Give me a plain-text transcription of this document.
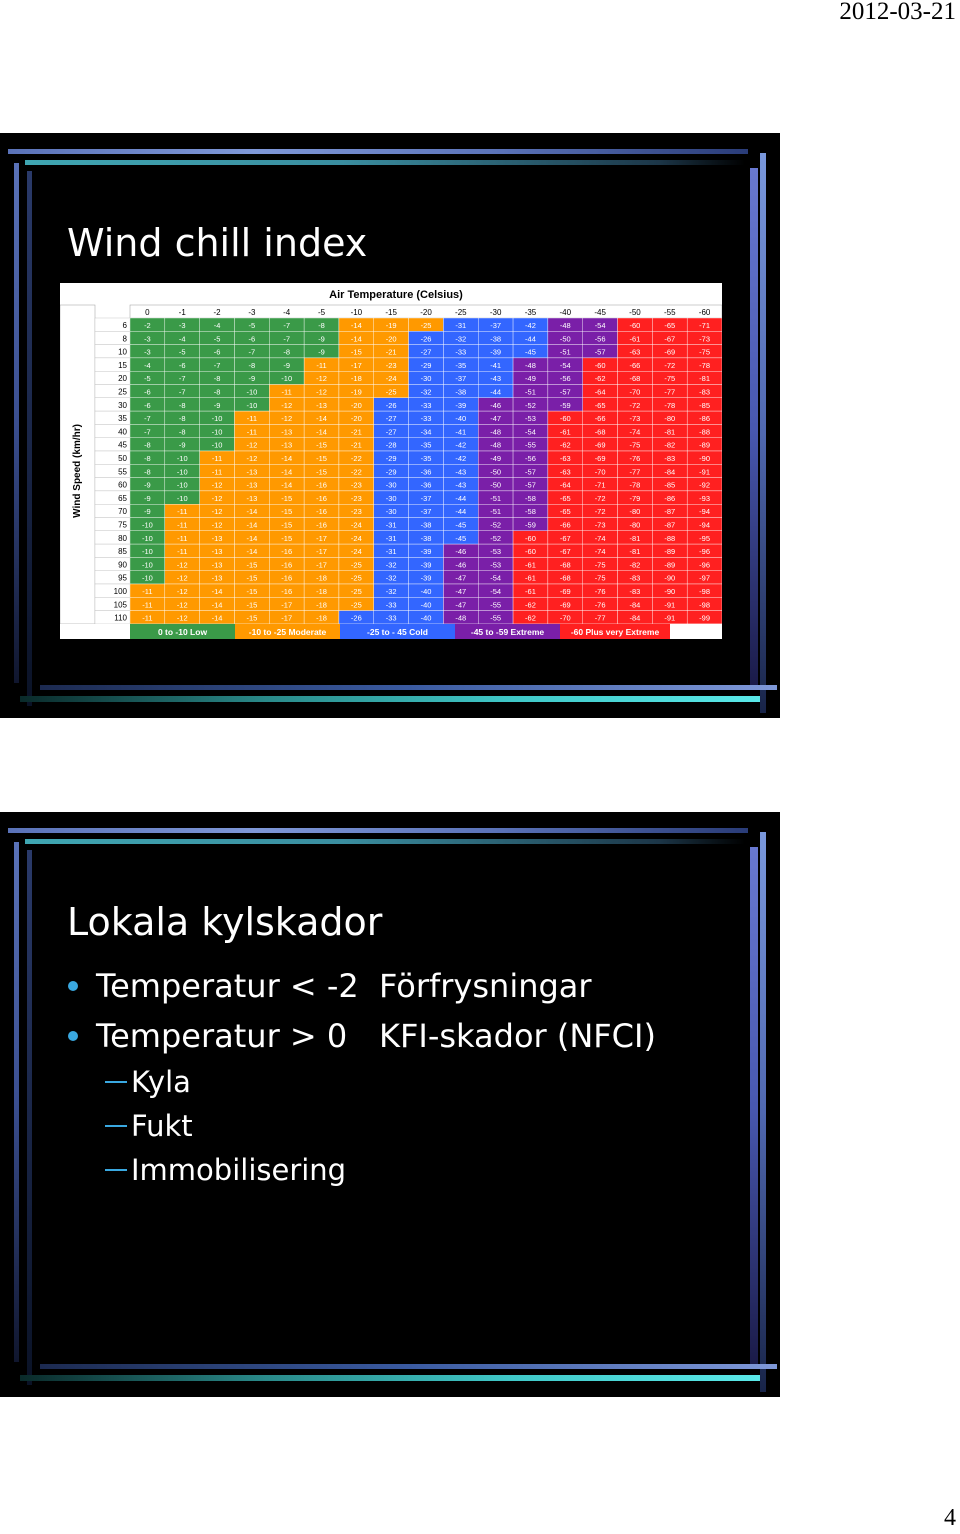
2012-03-21
Wind chill index
Air Temperature (Celsius)
Wind Speed (km/hr)
0	-1	-2	-3	-4	-5	-10	-15	-20	-25	-30	-35	-40	-45	-50	-55	-60
6 -2	-3	-4	-5	-7	-8	-14	-19	-25	-31	-37	-42	-48	-54	-60	-65	-71
8 -3	-4	-5	-6	-7	-9	-14	-20	-26	-32	-38	-44	-50	-56	-61	-67	-73
10 -3	-5	-6	-7	-8	-9	-15	-21	-27	-33	-39	-45	-51	-57	-63	-69	-75
15 -4	-6	-7	-8	-9	-11	-17	-23	-29	-35	-41	-48	-54	-60	-66	-72	-78
20 -5	-7	-8	-9	-10	-12	-18	-24	-30	-37	-43	-49	-56	-62	-68	-75	-81
25 -6	-7	-8	-10	-11	-12	-19	-25	-32	-38	-44	-51	-57	-64	-70	-77	-83
30 -6	-8	-9	-10	-12	-13	-20	-26	-33	-39	-46	-52	-59	-65	-72	-78	-85
35 -7	-8	-10	-11	-12	-14	-20	-27	-33	-40	-47	-53	-60	-66	-73	-80	-86
40 -7	-8	-10	-11	-13	-14	-21	-27	-34	-41	-48	-54	-61	-68	-74	-81	-88
45 -8	-9	-10	-12	-13	-15	-21	-28	-35	-42	-48	-55	-62	-69	-75	-82	-89
50 -8	-10	-11	-12	-14	-15	-22	-29	-35	-42	-49	-56	-63	-69	-76	-83	-90
55 -8	-10	-11	-13	-14	-15	-22	-29	-36	-43	-50	-57	-63	-70	-77	-84	-91
60 -9	-10	-12	-13	-14	-16	-23	-30	-36	-43	-50	-57	-64	-71	-78	-85	-92
65 -9	-10	-12	-13	-15	-16	-23	-30	-37	-44	-51	-58	-65	-72	-79	-86	-93
70 -9	-11	-12	-14	-15	-16	-23	-30	-37	-44	-51	-58	-65	-72	-80	-87	-94
75 -10	-11	-12	-14	-15	-16	-24	-31	-38	-45	-52	-59	-66	-73	-80	-87	-94
80 -10	-11	-13	-14	-15	-17	-24	-31	-38	-45	-52	-60	-67	-74	-81	-88	-95
85 -10	-11	-13	-14	-16	-17	-24	-31	-39	-46	-53	-60	-67	-74	-81	-89	-96
90 -10	-12	-13	-15	-16	-17	-25	-32	-39	-46	-53	-61	-68	-75	-82	-89	-96
95 -10	-12	-13	-15	-16	-18	-25	-32	-39	-47	-54	-61	-68	-75	-83	-90	-97
100 -11	-12	-14	-15	-16	-18	-25	-32	-40	-47	-54	-61	-69	-76	-83	-90	-98
105 -11	-12	-14	-15	-17	-18	-25	-33	-40	-47	-55	-62	-69	-76	-84	-91	-98
110 -11	-12	-14	-15	-17	-18	-26	-33	-40	-48	-55	-62	-70	-77	-84	-91	-99
0 to -10 Low	-10 to -25 Moderate	-25 to - 45 Cold	-45 to -59 Extreme	-60 Plus very Extreme
Lokala kylskador
Temperatur < -2 Förfrysningar
Temperatur > 0 KFI-skador (NFCI)
Kyla
Fukt
Immobilisering
4
